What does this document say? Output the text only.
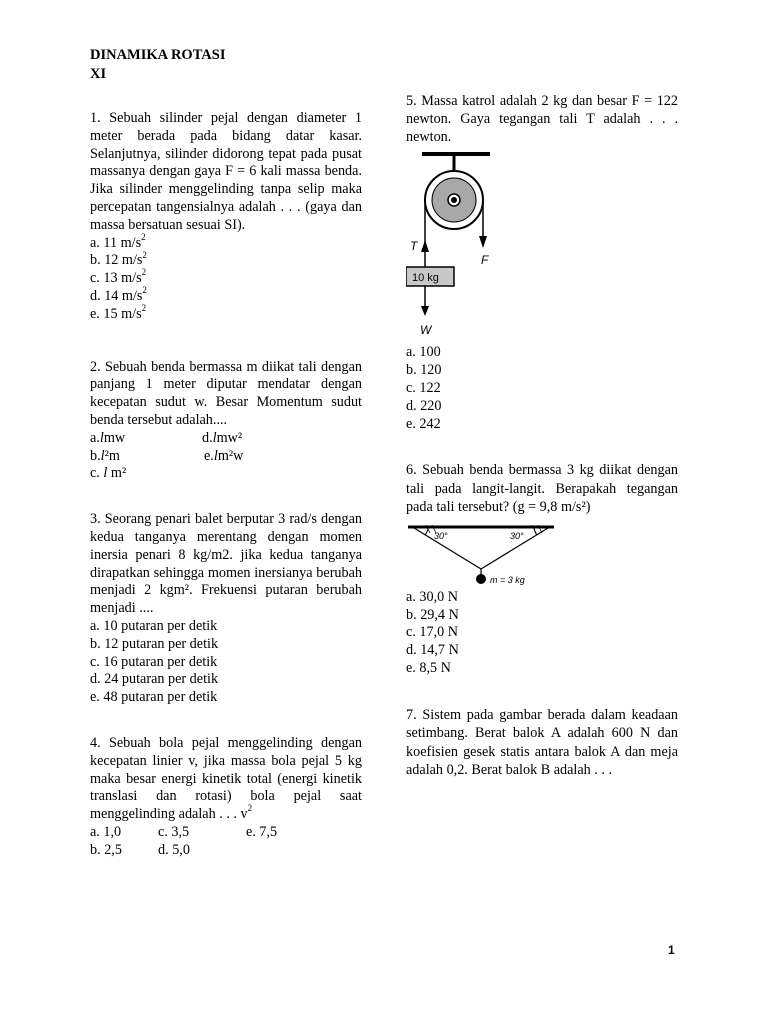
DINAMIKA ROTASI
XI

1. Sebuah silinder pejal dengan diameter 1 meter berada pada bidang datar kasar. Selanjutnya, silinder didorong tepat pada pusat massanya dengan gaya F = 6 kali massa benda. Jika silinder menggelinding tanpa selip maka percepatan tangensialnya adalah . . . (gaya dan massa bersatuan sesuai SI).

a. 11 $m/s^2$
b. 12 $m/s^2$
c. 13 $m/s^2$
d. 14 $m/s^2$
e. 15 $m/s^2$

2. Sebuah benda bermassa m diikat tali dengan panjang 1 meter diputar mendatar dengan kecepatan sudut w. Besar Momentum sudut benda tersebut adalah....

a.lmw	d.lmw²
b.l²m	e.lm²w
c. l m²

3. Seorang penari balet berputar 3 rad/s dengan kedua tanganya merentang dengan momen inersia penari 8 kg/m2. jika kedua tanganya dirapatkan sehingga momen inersianya berubah menjadi 2 kgm². Frekuensi putaran berubah menjadi ....

a. 10 putaran per detik
b. 12 putaran per detik
c. 16 putaran per detik
d. 24 putaran per detik
e. 48 putaran per detik

4. Sebuah bola pejal menggelinding dengan kecepatan linier v, jika massa bola pejal 5 kg maka besar energi kinetik total (energi kinetik translasi dan rotasi) bola pejal saat menggelinding adalah . . . $v^2$

a. 1,0	c. 3,5	e. 7,5
b. 2,5	d. 5,0

5. Massa katrol adalah 2 kg dan besar F = 122 newton. Gaya tegangan tali T adalah . . . newton.

F
T
10 kg
W
a. 100
b. 120
c. 122
d. 220
e. 242

6. Sebuah benda bermassa 3 kg diikat dengan tali pada langit-langit. Berapakah tegangan pada tali tersebut? (g = 9,8 m/s²)

30°	30°
m = 3 kg
a. 30,0 N
b. 29,4 N
c. 17,0 N
d. 14,7 N
e. 8,5 N

7. Sistem pada gambar berada dalam keadaan setimbang. Berat balok A adalah 600 N dan koefisien gesek statis antara balok A dan meja adalah 0,2. Berat balok B adalah . . .

1
